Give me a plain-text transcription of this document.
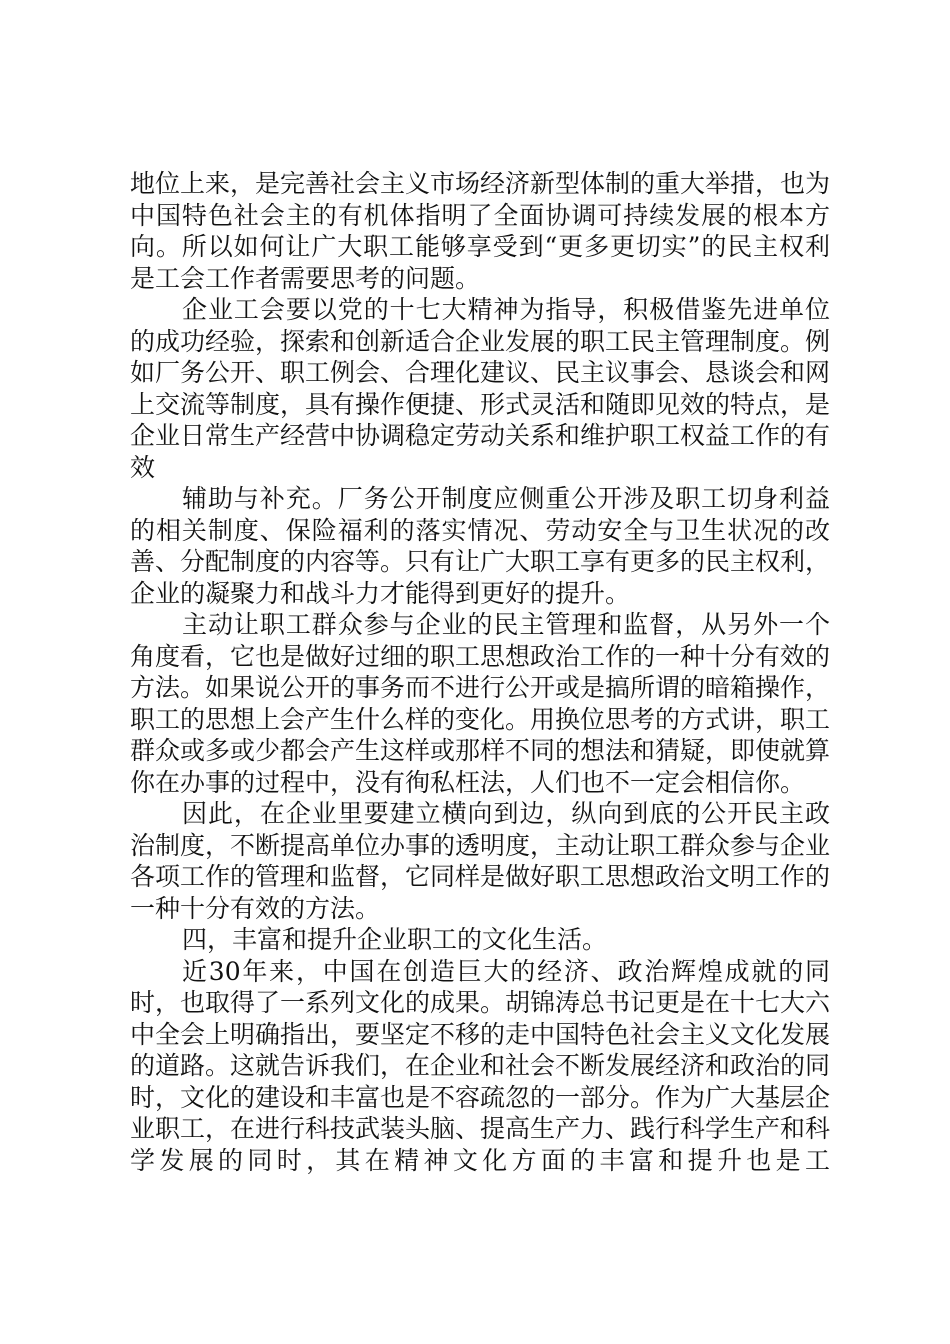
地位上来，是完善社会主义市场经济新型体制的重大举措，也为中国特色社会主的有机体指明了全面协调可持续发展的根本方向。所以如何让广大职工能够享受到“更多更切实”的民主权利是工会工作者需要思考的问题。

企业工会要以党的十七大精神为指导，积极借鉴先进单位的成功经验，探索和创新适合企业发展的职工民主管理制度。例如厂务公开、职工例会、合理化建议、民主议事会、恳谈会和网上交流等制度，具有操作便捷、形式灵活和随即见效的特点，是企业日常生产经营中协调稳定劳动关系和维护职工权益工作的有效

辅助与补充。厂务公开制度应侧重公开涉及职工切身利益的相关制度、保险福利的落实情况、劳动安全与卫生状况的改善、分配制度的内容等。只有让广大职工享有更多的民主权利，企业的凝聚力和战斗力才能得到更好的提升。

主动让职工群众参与企业的民主管理和监督，从另外一个角度看，它也是做好过细的职工思想政治工作的一种十分有效的方法。如果说公开的事务而不进行公开或是搞所谓的暗箱操作，职工的思想上会产生什么样的变化。用换位思考的方式讲，职工群众或多或少都会产生这样或那样不同的想法和猜疑，即使就算你在办事的过程中，没有徇私枉法，人们也不一定会相信你。

因此，在企业里要建立横向到边，纵向到底的公开民主政治制度，不断提高单位办事的透明度，主动让职工群众参与企业各项工作的管理和监督，它同样是做好职工思想政治文明工作的一种十分有效的方法。

四，丰富和提升企业职工的文化生活。

近30年来，中国在创造巨大的经济、政治辉煌成就的同时，也取得了一系列文化的成果。胡锦涛总书记更是在十七大六中全会上明确指出，要坚定不移的走中国特色社会主义文化发展的道路。这就告诉我们，在企业和社会不断发展经济和政治的同时，文化的建设和丰富也是不容疏忽的一部分。作为广大基层企业职工，在进行科技武装头脑、提高生产力、践行科学生产和科学发展的同时，其在精神文化方面的丰富和提升也是工
